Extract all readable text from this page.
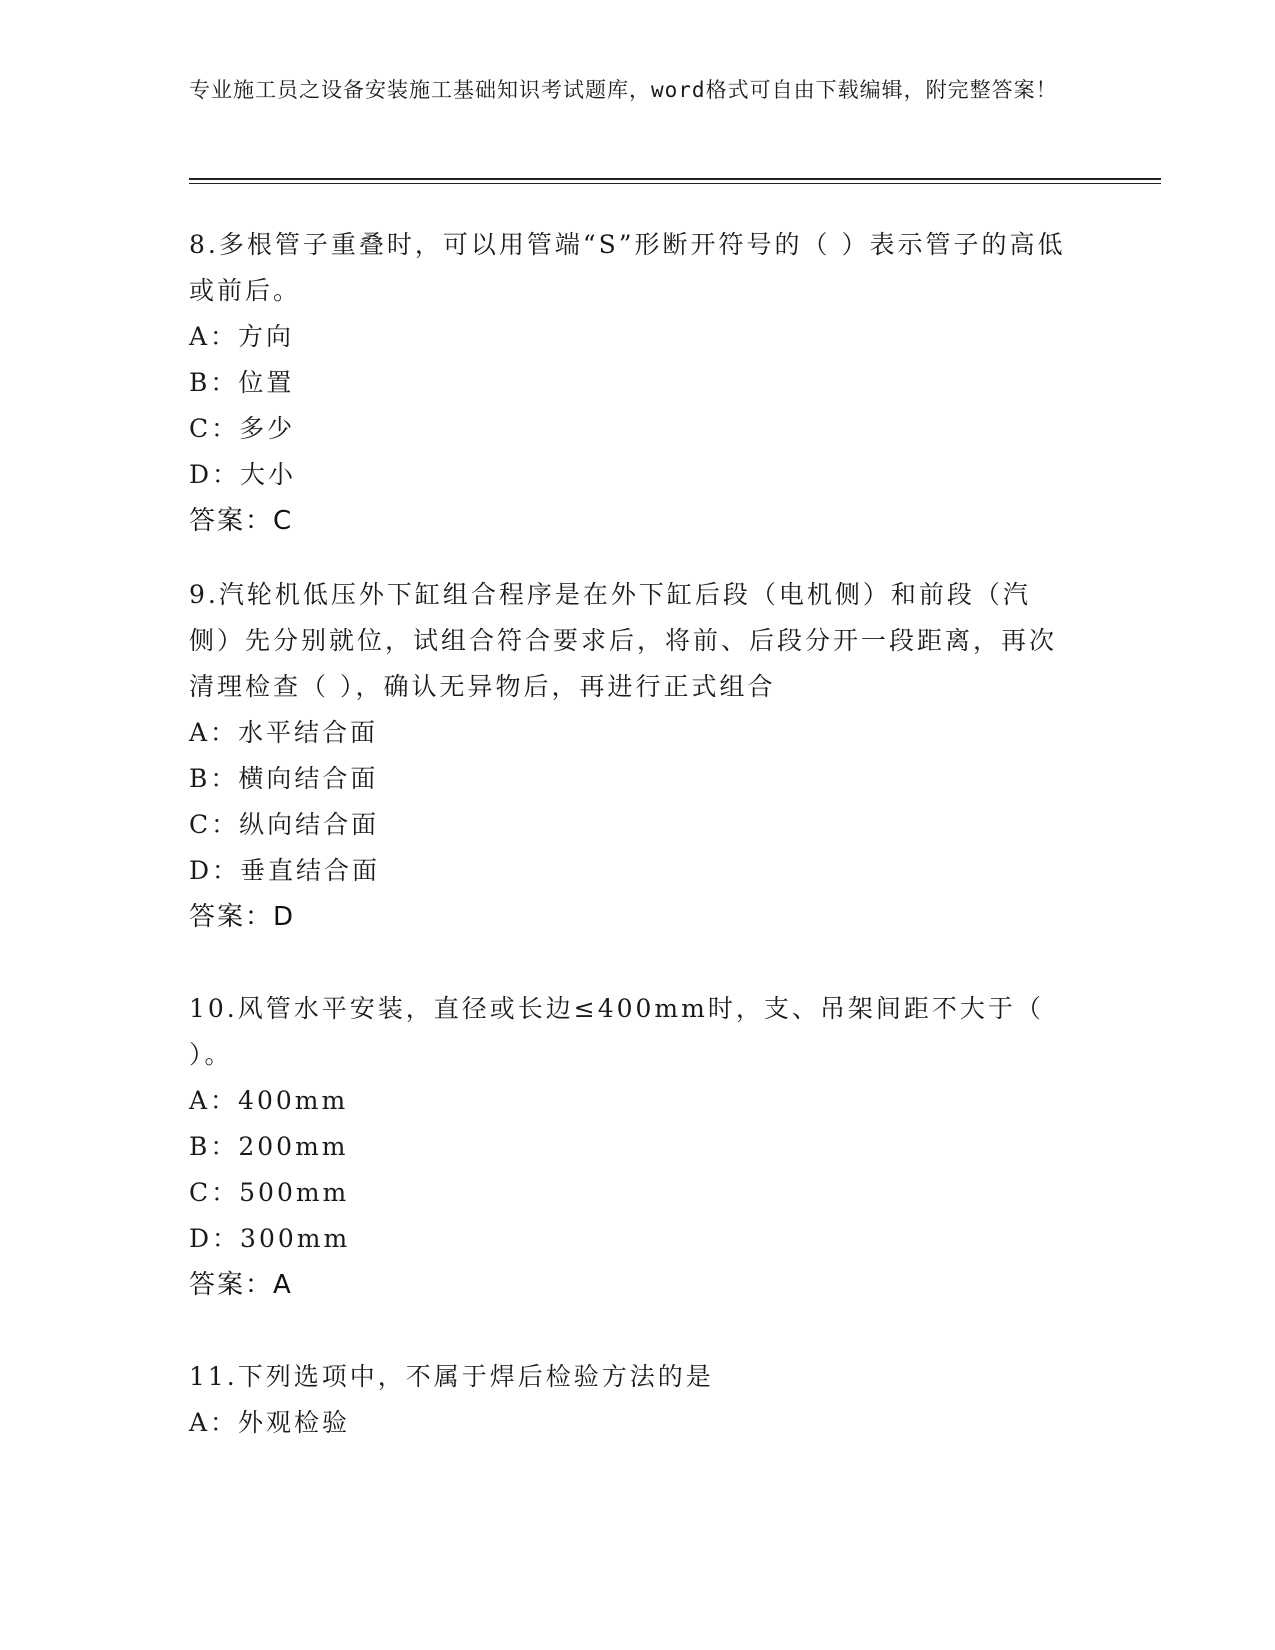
专业施工员之设备安装施工基础知识考试题库，word格式可自由下载编辑，附完整答案！

8.多根管子重叠时，可以用管端“S”形断开符号的（ ）表示管子的高低或前后。

A：方向

B：位置

C：多少

D：大小

答案：C

9.汽轮机低压外下缸组合程序是在外下缸后段（电机侧）和前段（汽侧）先分别就位，试组合符合要求后，将前、后段分开一段距离，再次清理检查（ ），确认无异物后，再进行正式组合

A：水平结合面

B：横向结合面

C：纵向结合面

D：垂直结合面

答案：D

10.风管水平安装，直径或长边≤400mm时，支、吊架间距不大于（ ）。

A：400mm

B：200mm

C：500mm

D：300mm

答案：A

11.下列选项中，不属于焊后检验方法的是

A：外观检验
